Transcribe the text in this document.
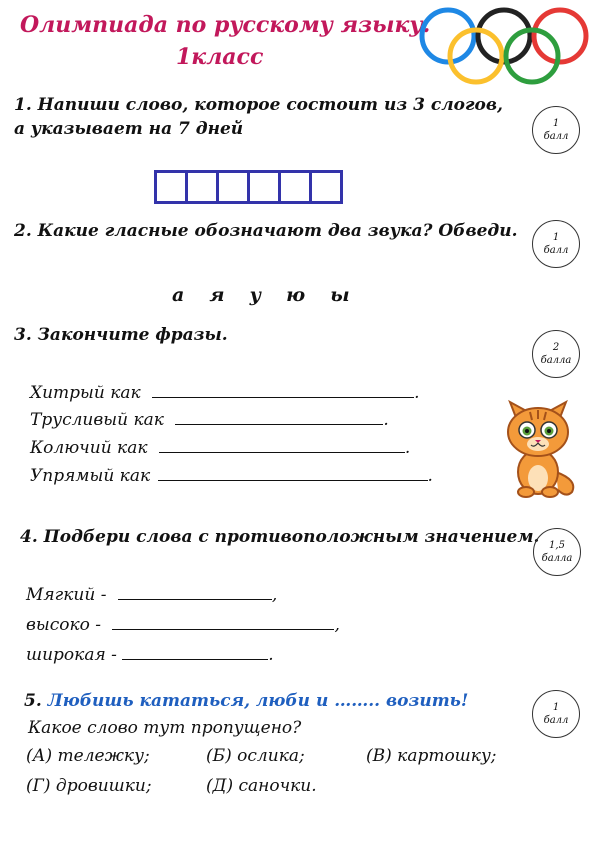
Олимпиада по русскому языку.
1класс
1. Напиши слово, которое состоит из 3 слогов,
а указывает на 7 дней	1
балл
2. Какие гласные обозначают два звука? Обведи.	1
балл
а я у ю ы
3. Закончите фразы.
2
балла
Хитрый как	.
Трусливый как	.
Колючий как	.
Упрямый как	.
4. Подбери слова с противоположным значением. 1,5
балла
Мягкий -	,
высоко -	,
широкая -	.
5. Любишь кататься, люби и …….. возить!	1
балл
Какое слово тут пропущено?
(А) тележку;	(Б) ослика;	(В) картошку;
(Г) дровишки;	(Д) саночки.
